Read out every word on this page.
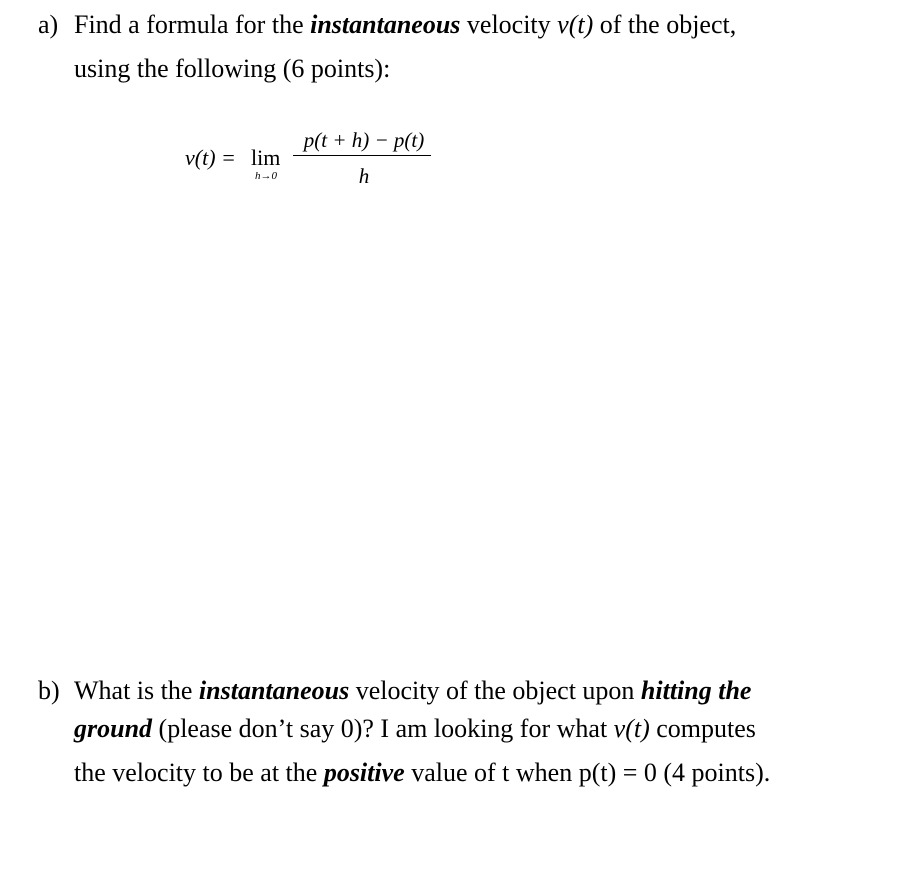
a) Find a formula for the instantaneous velocity v(t) of the object,
using the following (6 points):
v(t) = lim
h→0
p(t + h) − p(t)
h
b) What is the instantaneous velocity of the object upon hitting the
ground (please don’t say 0)? I am looking for what v(t) computes
the velocity to be at the positive value of t when p(t) = 0 (4 points).
